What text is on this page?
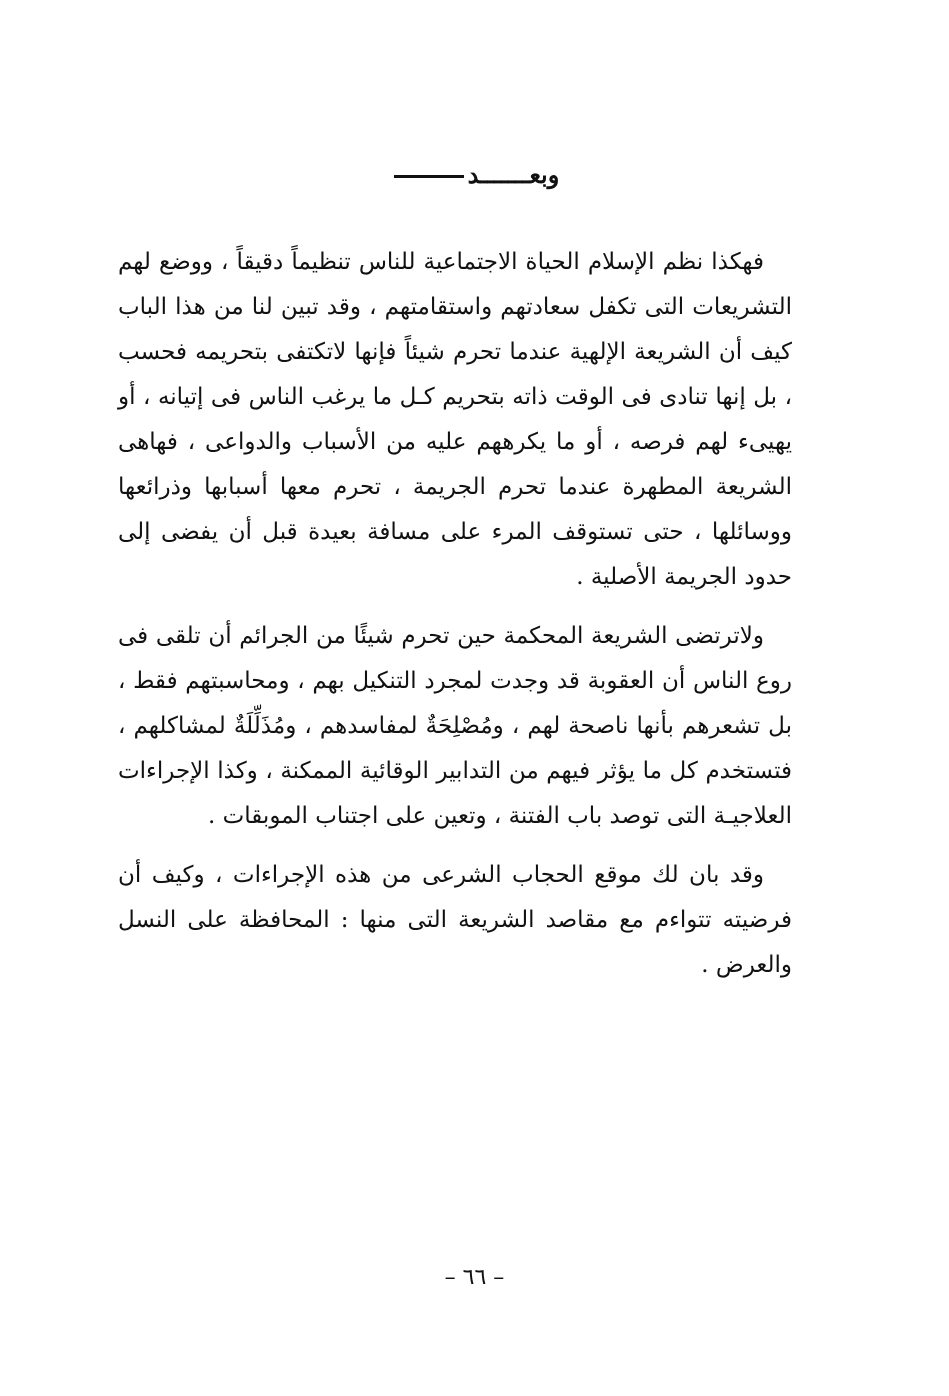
وبعـــــــد

فهكذا نظم الإسلام الحياة الاجتماعية للناس تنظيماً دقيقاً ، ووضع لهم التشريعات التى تكفل سعادتهم واستقامتهم ، وقد تبين لنا من هذا الباب كيف أن الشريعة الإلهية عندما تحرم شيئاً فإنها لاتكتفى بتحريمه فحسب ، بل إنها تنادى فى الوقت ذاته بتحريم كـل ما يرغب الناس فى إتيانه ، أو يهيىء لهم فرصه ، أو ما يكرههم عليه من الأسباب والدواعى ، فهاهى الشريعة المطهرة عندما تحرم الجريمة ، تحرم معها أسبابها وذرائعها ووسائلها ، حتى تستوقف المرء على مسافة بعيدة قبل أن يفضى إلى حدود الجريمة الأصلية .

ولاترتضى الشريعة المحكمة حين تحرم شيئًا من الجرائم أن تلقى فى روع الناس أن العقوبة قد وجدت لمجرد التنكيل بهم ، ومحاسبتهم فقط ، بل تشعرهم بأنها ناصحة لهم ، ومُصْلِحَةٌ لمفاسدهم ، ومُذَلِّلَةٌ لمشاكلهم ، فتستخدم كل ما يؤثر فيهم من التدابير الوقائية الممكنة ، وكذا الإجراءات العلاجيـة التى توصد باب الفتنة ، وتعين على اجتناب الموبقات .

وقد بان لك موقع الحجاب الشرعى من هذه الإجراءات ، وكيف أن فرضيته تتواءم مع مقاصد الشريعة التى منها : المحافظة على النسل والعرض .

– ٦٦ –
